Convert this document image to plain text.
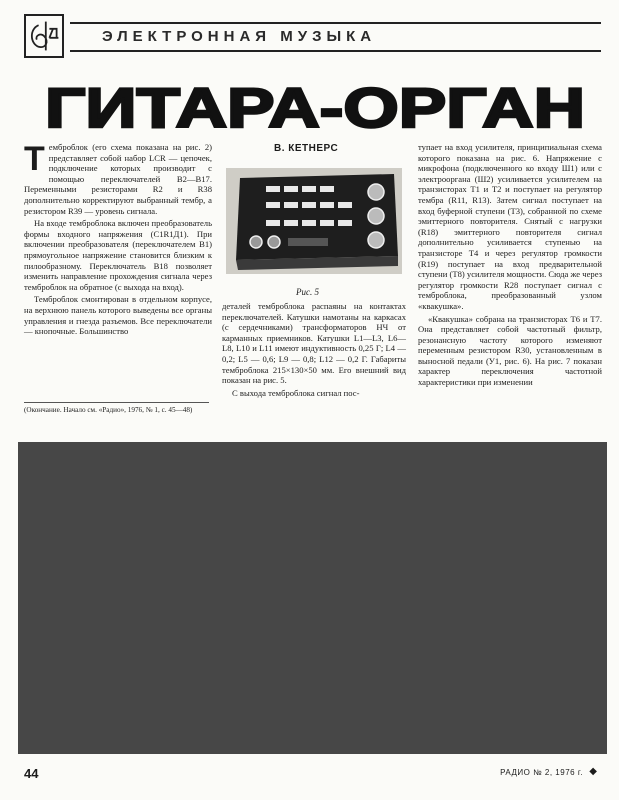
ЭЛЕКТРОННАЯ МУЗЫКА
ГИТАРА-ОРГАН

Темброблок (его схема показана на рис. 2) представляет собой набор LCR — цепочек, подключение которых производит с помощью переключателей B2—B17. Переменными резисторами R2 и R38 дополнительно корректируют выбранный тембр, а резистором R39 — уровень сигнала.

На входе темброблока включен преобразователь формы входного напряжения (C1R1Д1). При включении преобразователя (переключателем B1) прямоугольное напряжение становится близким к пилообразному. Переключатель B18 позволяет изменить направление прохождения сигнала через темброблок на обратное (с выхода на вход).

Темброблок смонтирован в отдельном корпусе, на верхнюю панель которого выведены все органы управления и гнезда разъемов. Все переключатели — кнопочные. Большинство

(Окончание. Начало см. «Радио», 1976, № 1, с. 45—48)
В. КЕТНЕРС
Рис. 5

деталей темброблока распаяны на контактах переключателей. Катушки намотаны на каркасах (с сердечниками) трансформаторов НЧ от карманных приемников. Катушки L1—L3, L6—L8, L10 и L11 имеют индуктивность 0,25 Г; L4 — 0,2; L5 — 0,6; L9 — 0,8; L12 — 0,2 Г. Габариты темброблока 215×130×50 мм. Его внешний вид показан на рис. 5.

С выхода темброблока сигнал пос-

тупает на вход усилителя, принципиальная схема которого показана на рис. 6. Напряжение с микрофона (подключенного ко входу Ш1) или с электрооргана (Ш2) усиливается усилителем на транзисторах T1 и T2 и поступает на регулятор тембра (R11, R13). Затем сигнал поступает на вход буферной ступени (T3), собранной по схеме эмиттерного повторителя. Снятый с нагрузки (R18) эмиттерного повторителя сигнал дополнительно усиливается ступенью на транзисторе T4 и через регулятор громкости (R19) поступает на вход предварительной ступени (T8) усилителя мощности. Сюда же через регулятор громкости R28 поступает сигнал с темброблока, преобразованный узлом «квакушка».

«Квакушка» собрана на транзисторах T6 и T7. Она представляет собой частотный фильтр, резонансную частоту которого изменяют переменным резистором R30, установленным в выносной педали (У1, рис. 6). На рис. 7 показан характер переключения частотной характеристики при изменении

44	РАДИО № 2, 1976 г. ◆
